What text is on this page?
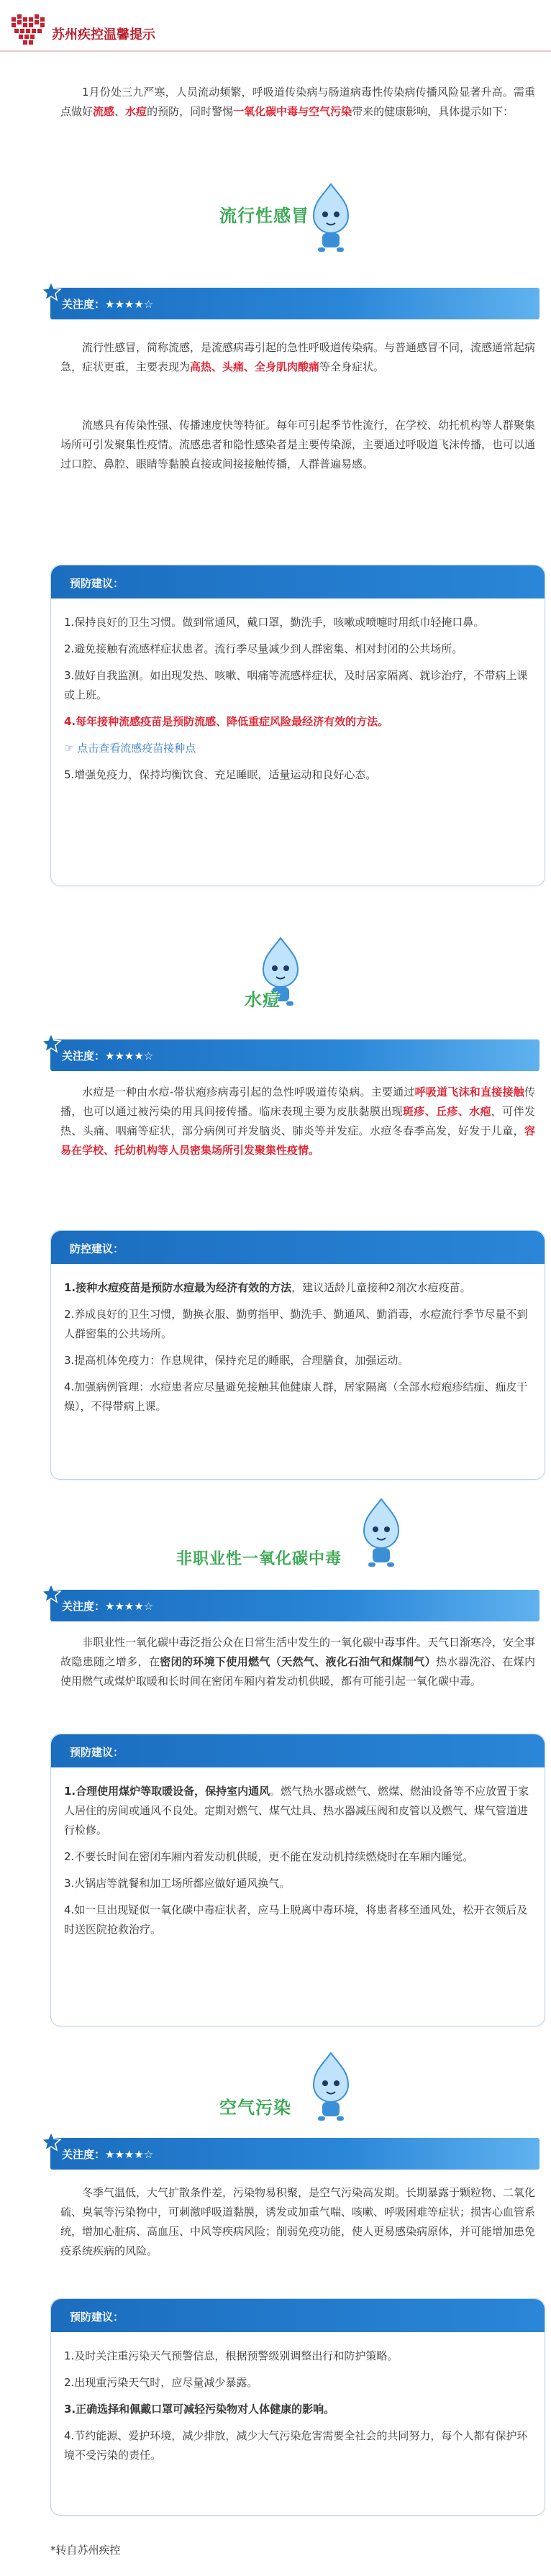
苏州疾控温馨提示
1月份处三九严寒，人员流动频繁，呼吸道传染病与肠道病毒性传染病传播风险显著升高。需重点做好流感、水痘的预防，同时警惕一氧化碳中毒与空气污染带来的健康影响，具体提示如下：
流行性感冒
关注度：★★★★☆
流行性感冒，简称流感，是流感病毒引起的急性呼吸道传染病。与普通感冒不同，流感通常起病急，症状更重，主要表现为高热、头痛、全身肌肉酸痛等全身症状。
流感具有传染性强、传播速度快等特征。每年可引起季节性流行，在学校、幼托机构等人群聚集场所可引发聚集性疫情。流感患者和隐性感染者是主要传染源，主要通过呼吸道飞沫传播，也可以通过口腔、鼻腔、眼睛等黏膜直接或间接接触传播，人群普遍易感。
预防建议：
1.保持良好的卫生习惯。做到常通风，戴口罩，勤洗手，咳嗽或喷嚏时用纸巾轻掩口鼻。
2.避免接触有流感样症状患者。流行季尽量减少到人群密集、相对封闭的公共场所。
3.做好自我监测。如出现发热、咳嗽、咽痛等流感样症状，及时居家隔离、就诊治疗，不带病上课或上班。
4.每年接种流感疫苗是预防流感、降低重症风险最经济有效的方法。
☞ 点击查看流感疫苗接种点
5.增强免疫力，保持均衡饮食、充足睡眠，适量运动和良好心态。
水痘
关注度：★★★★☆
水痘是一种由水痘-带状疱疹病毒引起的急性呼吸道传染病。主要通过呼吸道飞沫和直接接触传播，也可以通过被污染的用具间接传播。临床表现主要为皮肤黏膜出现斑疹、丘疹、水疱，可伴发热、头痛、咽痛等症状，部分病例可并发脑炎、肺炎等并发症。水痘冬春季高发，好发于儿童，容易在学校、托幼机构等人员密集场所引发聚集性疫情。
防控建议：
1.接种水痘疫苗是预防水痘最为经济有效的方法，建议适龄儿童接种2剂次水痘疫苗。
2.养成良好的卫生习惯，勤换衣服、勤剪指甲、勤洗手、勤通风、勤消毒，水痘流行季节尽量不到人群密集的公共场所。
3.提高机体免疫力：作息规律，保持充足的睡眠，合理膳食，加强运动。
4.加强病例管理：水痘患者应尽量避免接触其他健康人群，居家隔离（全部水痘疱疹结痂、痂皮干燥），不得带病上课。
非职业性一氧化碳中毒
关注度：★★★★☆
非职业性一氧化碳中毒泛指公众在日常生活中发生的一氧化碳中毒事件。天气日渐寒冷，安全事故隐患随之增多，在密闭的环境下使用燃气（天然气、液化石油气和煤制气）热水器洗浴、在煤内使用燃气或煤炉取暖和长时间在密闭车厢内着发动机供暖，都有可能引起一氧化碳中毒。
预防建议：
1.合理使用煤炉等取暖设备，保持室内通风。燃气热水器或燃气、燃煤、燃油设备等不应放置于家人居住的房间或通风不良处。定期对燃气、煤气灶具、热水器减压阀和皮管以及燃气、煤气管道进行检修。
2.不要长时间在密闭车厢内着发动机供暖，更不能在发动机持续燃烧时在车厢内睡觉。
3.火锅店等就餐和加工场所都应做好通风换气。
4.如一旦出现疑似一氧化碳中毒症状者，应马上脱离中毒环境，将患者移至通风处，松开衣领后及时送医院抢救治疗。
空气污染
关注度：★★★★☆
冬季气温低，大气扩散条件差，污染物易积聚，是空气污染高发期。长期暴露于颗粒物、二氧化硫、臭氧等污染物中，可刺激呼吸道黏膜，诱发或加重气喘、咳嗽、呼吸困难等症状；损害心血管系统，增加心脏病、高血压、中风等疾病风险；削弱免疫功能，使人更易感染病原体，并可能增加患免疫系统疾病的风险。
预防建议：
1.及时关注重污染天气预警信息，根据预警级别调整出行和防护策略。
2.出现重污染天气时，应尽量减少暴露。
3.正确选择和佩戴口罩可减轻污染物对人体健康的影响。
4.节约能源、爱护环境，减少排放，减少大气污染危害需要全社会的共同努力，每个人都有保护环境不受污染的责任。
*转自苏州疾控
